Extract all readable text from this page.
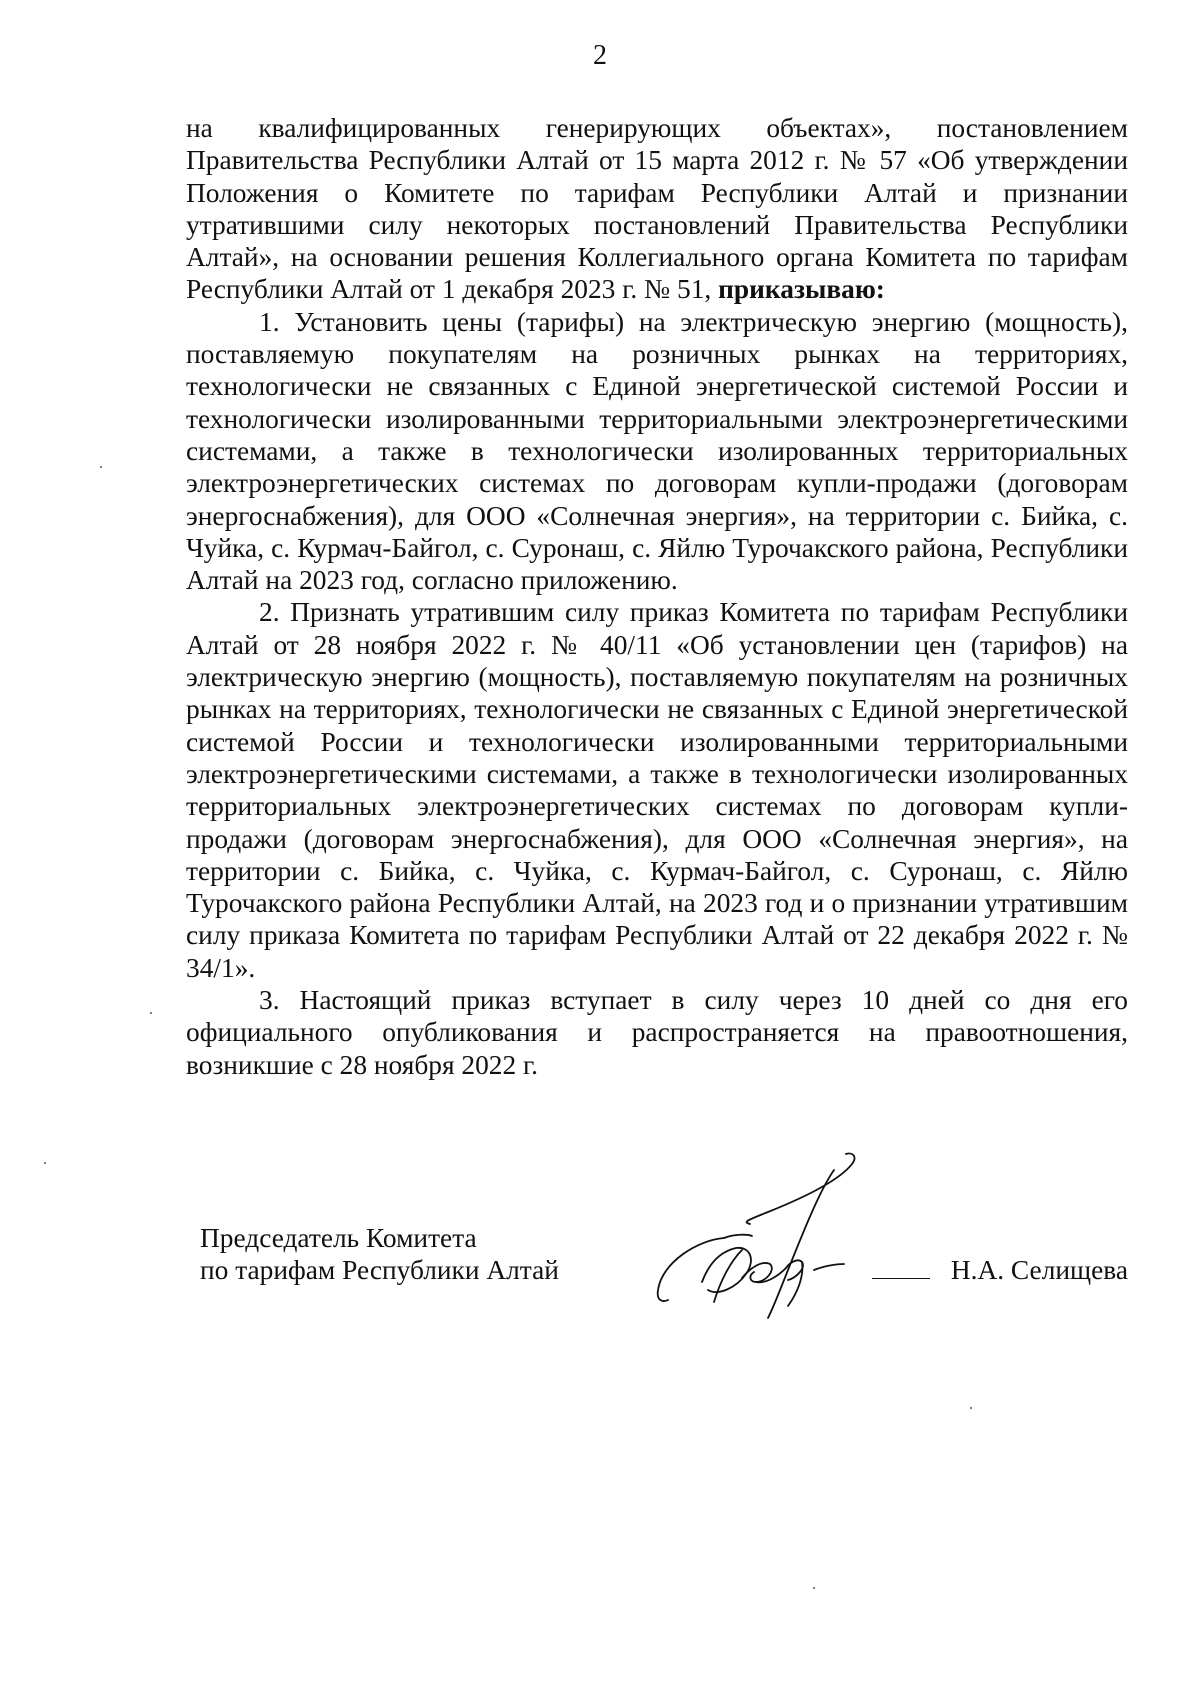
2

на квалифицированных генерирующих объектах», постановлением Правительства Республики Алтай от 15 марта 2012 г. № 57 «Об утверждении Положения о Комитете по тарифам Республики Алтай и признании утратившими силу некоторых постановлений Правительства Республики Алтай», на основании решения Коллегиального органа Комитета по тарифам Республики Алтай от 1 декабря 2023 г. № 51, приказываю:

1. Установить цены (тарифы) на электрическую энергию (мощность), поставляемую покупателям на розничных рынках на территориях, технологически не связанных с Единой энергетической системой России и технологически изолированными территориальными электроэнергетическими системами, а также в технологически изолированных территориальных электроэнергетических системах по договорам купли-продажи (договорам энергоснабжения), для ООО «Солнечная энергия», на территории с. Бийка, с. Чуйка, с. Курмач-Байгол, с. Суронаш, с. Яйлю Турочакского района, Республики Алтай на 2023 год, согласно приложению.

2. Признать утратившим силу приказ Комитета по тарифам Республики Алтай от 28 ноября 2022 г. № 40/11 «Об установлении цен (тарифов) на электрическую энергию (мощность), поставляемую покупателям на розничных рынках на территориях, технологически не связанных с Единой энергетической системой России и технологически изолированными территориальными электроэнергетическими системами, а также в технологически изолированных территориальных электроэнергетических системах по договорам купли-продажи (договорам энергоснабжения), для ООО «Солнечная энергия», на территории с. Бийка, с. Чуйка, с. Курмач-Байгол, с. Суронаш, с. Яйлю Турочакского района Республики Алтай, на 2023 год и о признании утратившим силу приказа Комитета по тарифам Республики Алтай от 22 декабря 2022 г. № 34/1».

3. Настоящий приказ вступает в силу через 10 дней со дня его официального опубликования и распространяется на правоотношения, возникшие с 28 ноября 2022 г.

Председатель Комитета
по тарифам Республики Алтай	Н.А. Селищева
